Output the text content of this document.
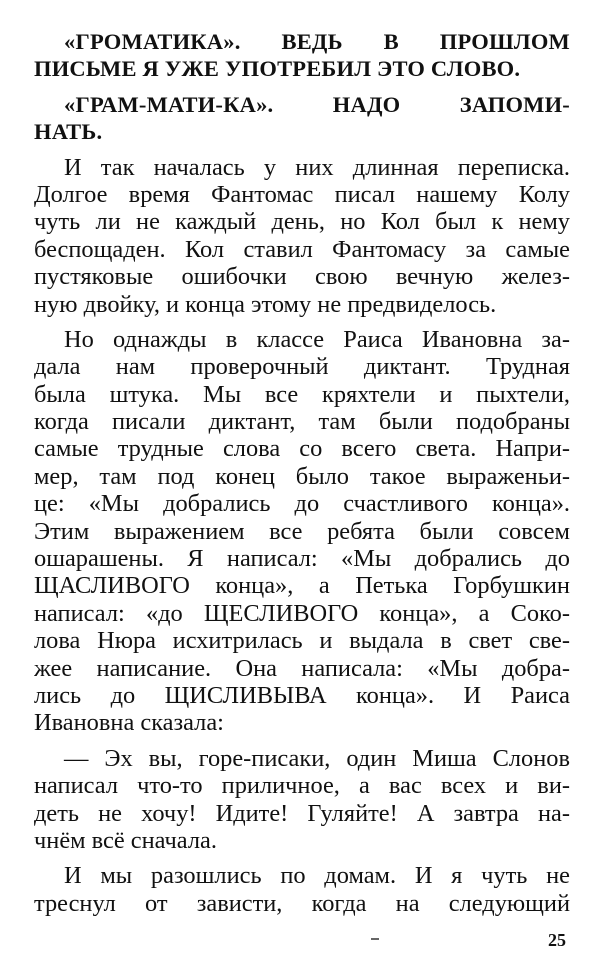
«ГРОМАТИКА». ВЕДЬ В ПРОШЛОМ
ПИСЬМЕ Я УЖЕ УПОТРЕБИЛ ЭТО СЛОВО.
«ГРАМ-МАТИ-КА». НАДО ЗАПОМИ-
НАТЬ.
И так началась у них длинная переписка.
Долгое время Фантомас писал нашему Колу
чуть ли не каждый день, но Кол был к нему
беспощаден. Кол ставил Фантомасу за самые
пустяковые ошибочки свою вечную желез-
ную двойку, и конца этому не предвиделось.
Но однажды в классе Раиса Ивановна за-
дала нам проверочный диктант. Трудная
была штука. Мы все кряхтели и пыхтели,
когда писали диктант, там были подобраны
самые трудные слова со всего света. Напри-
мер, там под конец было такое выраженьи-
це: «Мы добрались до счастливого конца».
Этим выражением все ребята были совсем
ошарашены. Я написал: «Мы добрались до
ЩАСЛИВОГО конца», а Петька Горбушкин
написал: «до ЩЕСЛИВОГО конца», а Соко-
лова Нюра исхитрилась и выдала в свет све-
жее написание. Она написала: «Мы добра-
лись до ЩИСЛИВЫВА конца». И Раиса
Ивановна сказала:
— Эх вы, горе-писаки, один Миша Слонов
написал что-то приличное, а вас всех и ви-
деть не хочу! Идите! Гуляйте! А завтра на-
чнём всё сначала.
И мы разошлись по домам. И я чуть не
треснул от зависти, когда на следующий
25
